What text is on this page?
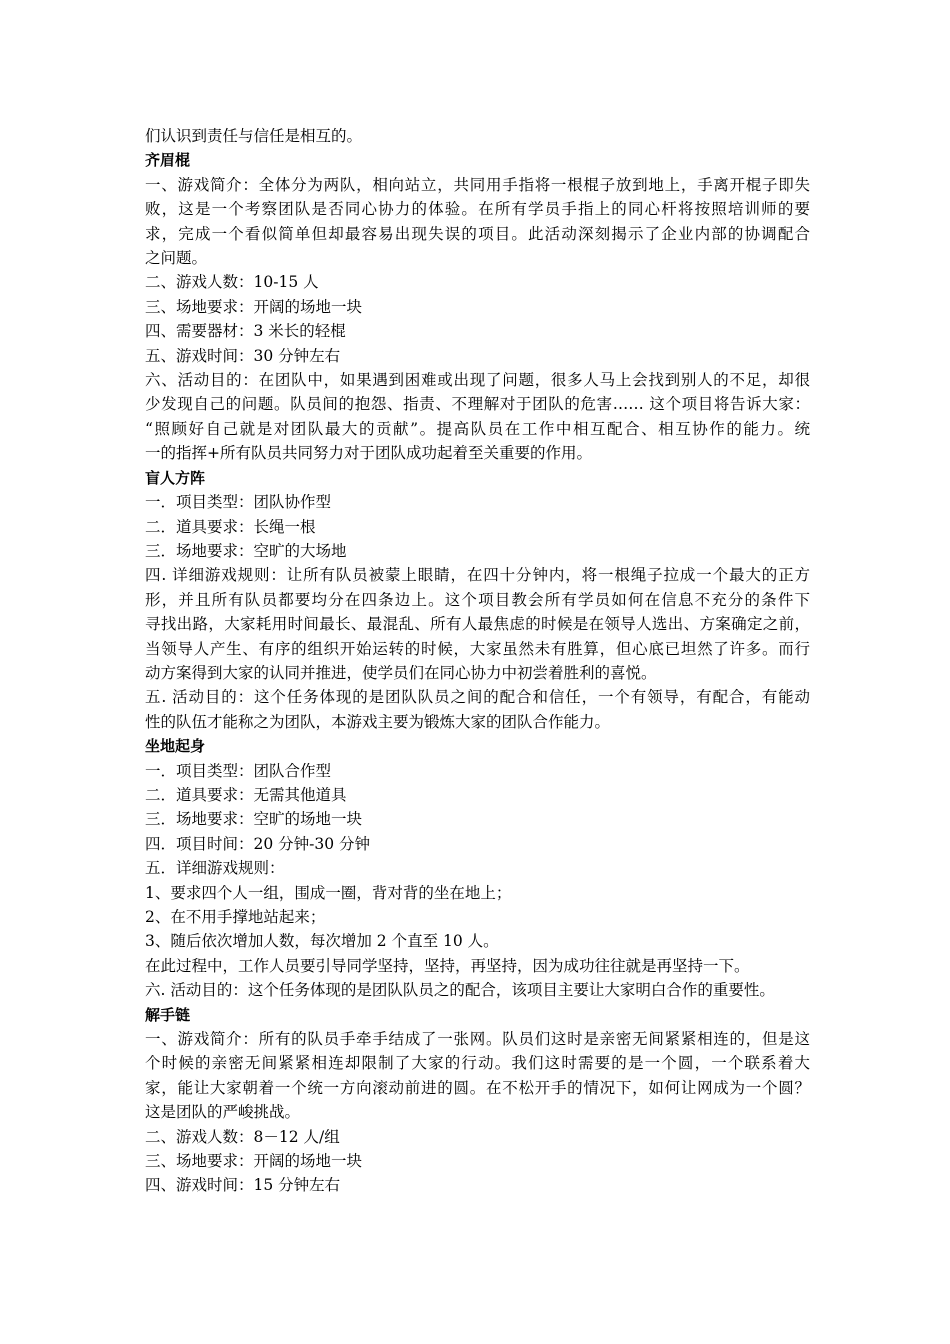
们认识到责任与信任是相互的。
齐眉棍
一、游戏简介：全体分为两队，相向站立，共同用手指将一根棍子放到地上，手离开棍子即失
败，这是一个考察团队是否同心协力的体验。在所有学员手指上的同心杆将按照培训师的要
求，完成一个看似简单但却最容易出现失误的项目。此活动深刻揭示了企业内部的协调配合
之问题。
二、游戏人数：10-15 人
三、场地要求：开阔的场地一块
四、需要器材：3 米长的轻棍
五、游戏时间：30 分钟左右
六、活动目的：在团队中，如果遇到困难或出现了问题，很多人马上会找到别人的不足，却很
少发现自己的问题。队员间的抱怨、指责、不理解对于团队的危害…… 这个项目将告诉大家：
“照顾好自己就是对团队最大的贡献”。提高队员在工作中相互配合、相互协作的能力。统
一的指挥+所有队员共同努力对于团队成功起着至关重要的作用。
盲人方阵
一．项目类型：团队协作型
二．道具要求：长绳一根
三．场地要求：空旷的大场地
四. 详细游戏规则：让所有队员被蒙上眼睛，在四十分钟内，将一根绳子拉成一个最大的正方
形，并且所有队员都要均分在四条边上。这个项目教会所有学员如何在信息不充分的条件下
寻找出路，大家耗用时间最长、最混乱、所有人最焦虑的时候是在领导人选出、方案确定之前，
当领导人产生、有序的组织开始运转的时候，大家虽然未有胜算，但心底已坦然了许多。而行
动方案得到大家的认同并推进，使学员们在同心协力中初尝着胜利的喜悦。
五. 活动目的：这个任务体现的是团队队员之间的配合和信任，一个有领导，有配合，有能动
性的队伍才能称之为团队，本游戏主要为锻炼大家的团队合作能力。
坐地起身
一．项目类型：团队合作型
二．道具要求：无需其他道具
三．场地要求：空旷的场地一块
四．项目时间：20 分钟-30 分钟
五．详细游戏规则：
1、要求四个人一组，围成一圈，背对背的坐在地上；
2、在不用手撑地站起来；
3、随后依次增加人数，每次增加 2 个直至 10 人。
在此过程中，工作人员要引导同学坚持，坚持，再坚持，因为成功往往就是再坚持一下。
六. 活动目的：这个任务体现的是团队队员之的配合，该项目主要让大家明白合作的重要性。
解手链
一、游戏简介：所有的队员手牵手结成了一张网。队员们这时是亲密无间紧紧相连的，但是这
个时候的亲密无间紧紧相连却限制了大家的行动。我们这时需要的是一个圆，一个联系着大
家，能让大家朝着一个统一方向滚动前进的圆。在不松开手的情况下，如何让网成为一个圆？
这是团队的严峻挑战。
二、游戏人数：8－12 人/组
三、场地要求：开阔的场地一块
四、游戏时间：15 分钟左右
